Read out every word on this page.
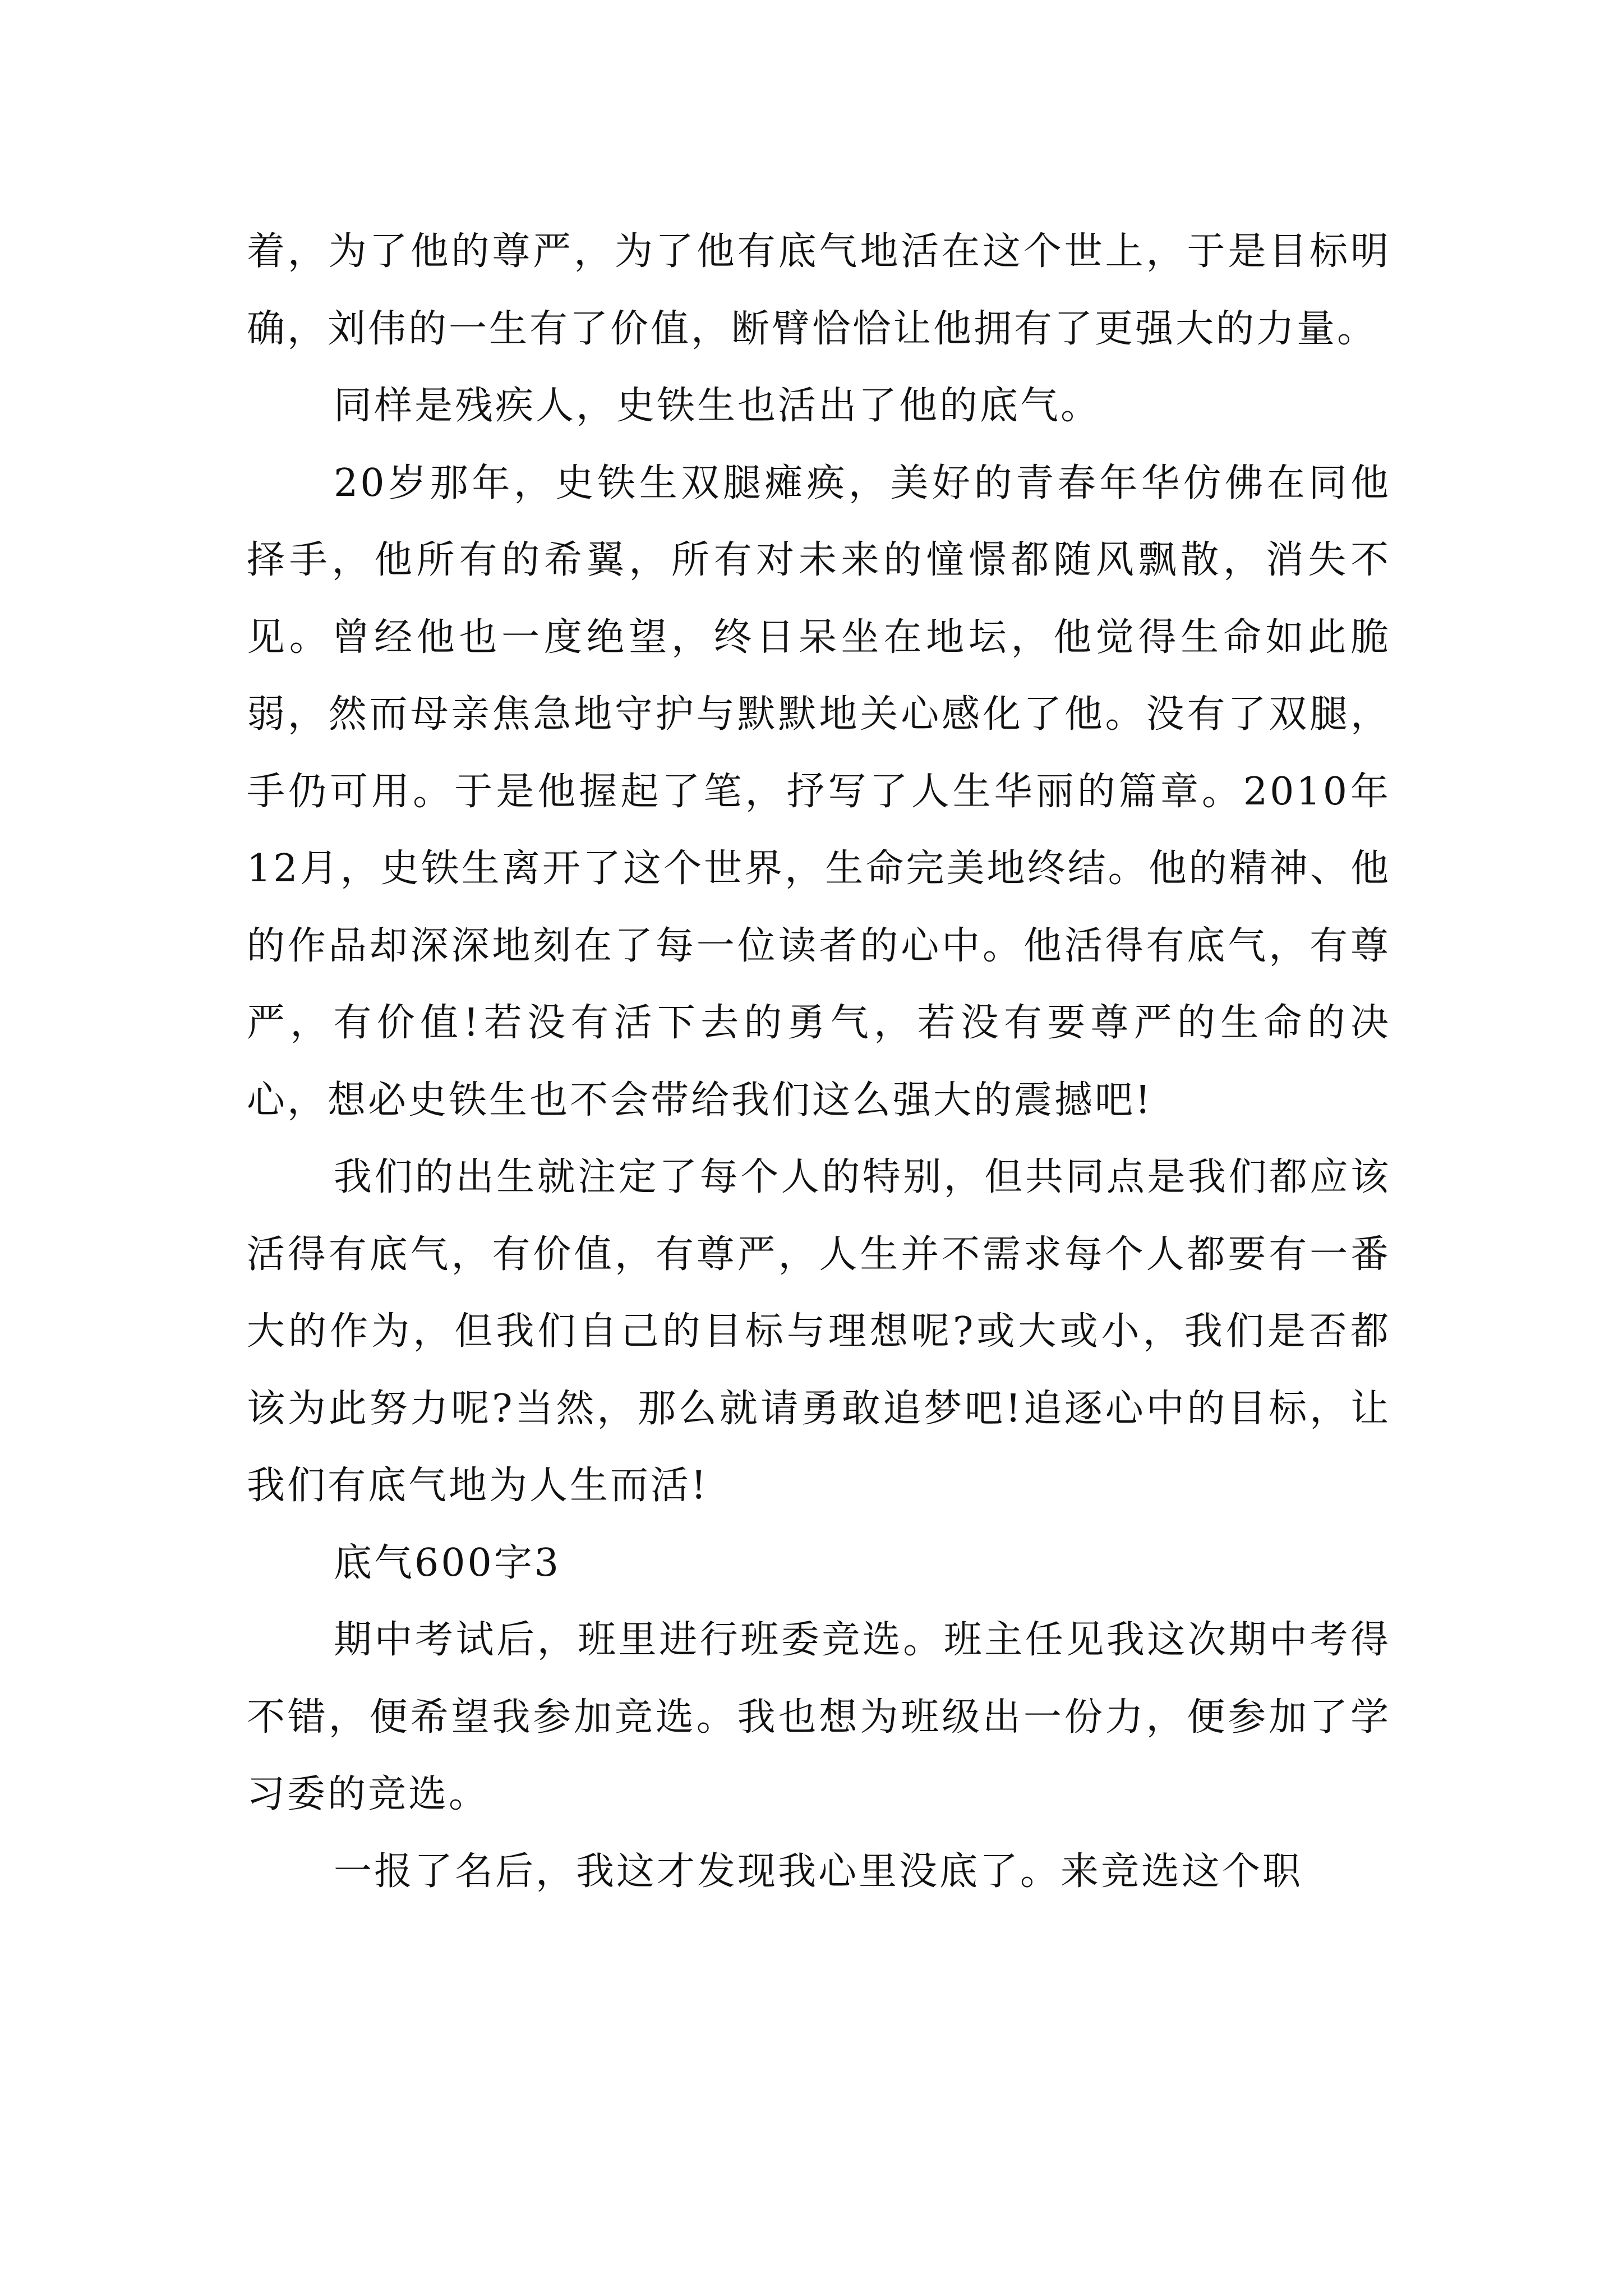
着，为了他的尊严，为了他有底气地活在这个世上，于是目标明确，刘伟的一生有了价值，断臂恰恰让他拥有了更强大的力量。

同样是残疾人，史铁生也活出了他的底气。

20岁那年，史铁生双腿瘫痪，美好的青春年华仿佛在同他择手，他所有的希翼，所有对未来的憧憬都随风飘散，消失不见。曾经他也一度绝望，终日呆坐在地坛，他觉得生命如此脆弱，然而母亲焦急地守护与默默地关心感化了他。没有了双腿，手仍可用。于是他握起了笔，抒写了人生华丽的篇章。2010年12月，史铁生离开了这个世界，生命完美地终结。他的精神、他的作品却深深地刻在了每一位读者的心中。他活得有底气，有尊严，有价值!若没有活下去的勇气，若没有要尊严的生命的决心，想必史铁生也不会带给我们这么强大的震撼吧!

我们的出生就注定了每个人的特别，但共同点是我们都应该活得有底气，有价值，有尊严，人生并不需求每个人都要有一番大的作为，但我们自己的目标与理想呢?或大或小，我们是否都该为此努力呢?当然，那么就请勇敢追梦吧!追逐心中的目标，让我们有底气地为人生而活!

底气600字3

期中考试后，班里进行班委竞选。班主任见我这次期中考得不错，便希望我参加竞选。我也想为班级出一份力，便参加了学习委的竞选。

一报了名后，我这才发现我心里没底了。来竞选这个职
